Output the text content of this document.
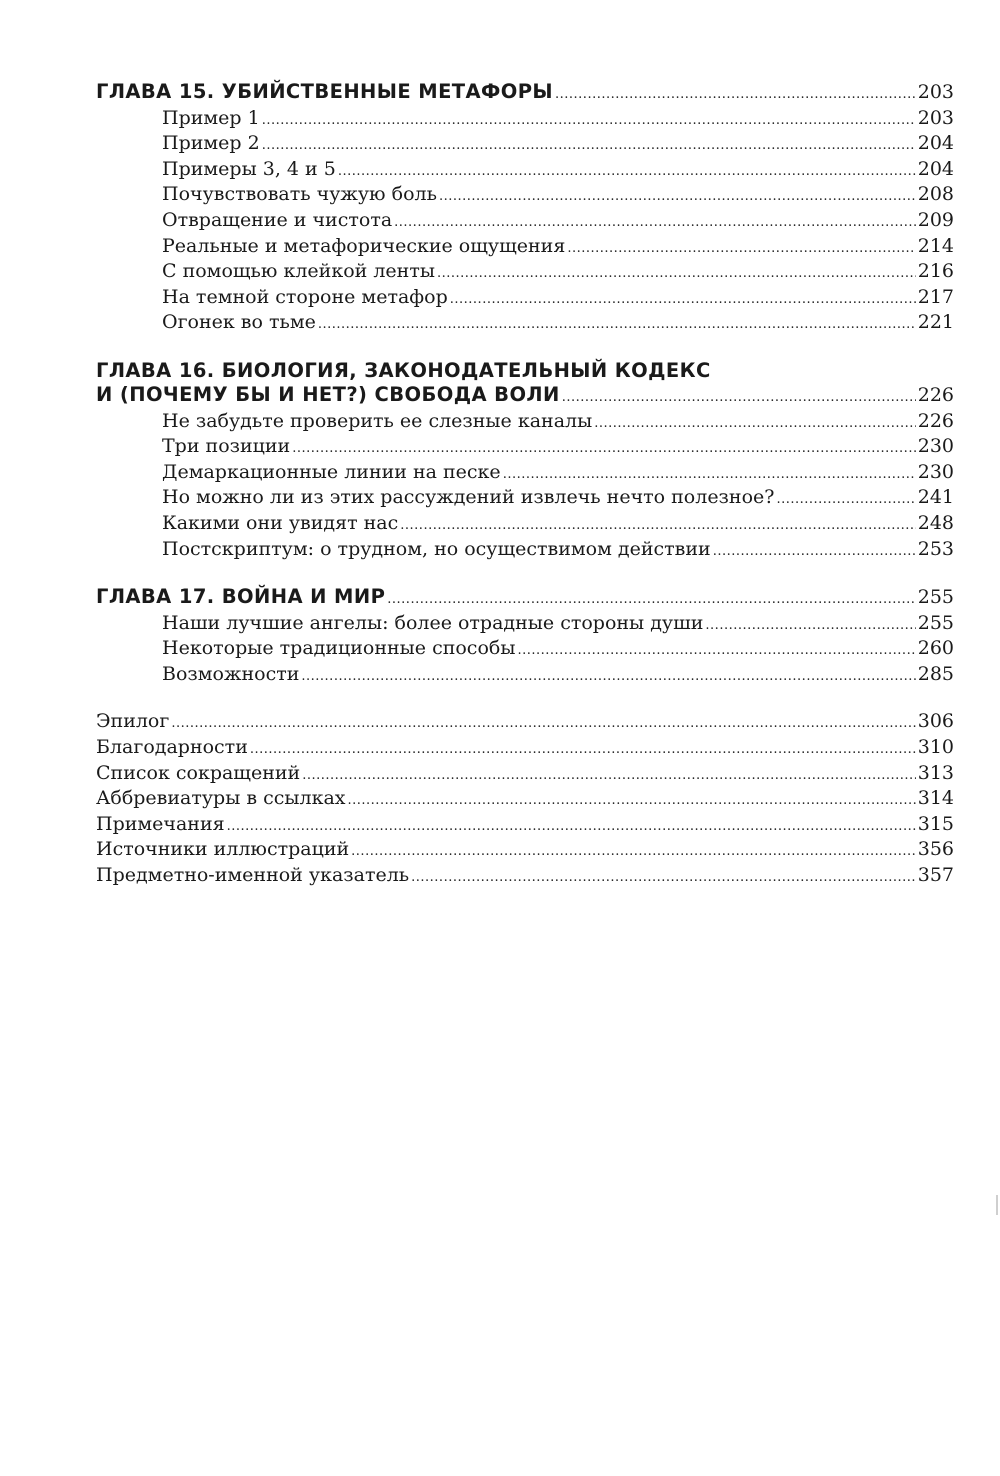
ГЛАВА 15. УБИЙСТВЕННЫЕ МЕТАФОРЫ .....	203
Пример 1 .....	203
Пример 2 .....	204
Примеры 3, 4 и 5 .....	204
Почувствовать чужую боль .....	208
Отвращение и чистота .....	209
Реальные и метафорические ощущения .....	214
С помощью клейкой ленты .....	216
На темной стороне метафор .....	217
Огонек во тьме .....	221
ГЛАВА 16. БИОЛОГИЯ, ЗАКОНОДАТЕЛЬНЫЙ КОДЕКС
И (ПОЧЕМУ БЫ И НЕТ?) СВОБОДА ВОЛИ .....	226
Не забудьте проверить ее слезные каналы .....	226
Три позиции .....	230
Демаркационные линии на песке .....	230
Но можно ли из этих рассуждений извлечь нечто полезное? .....	241
Какими они увидят нас .....	248
Постскриптум: о трудном, но осуществимом действии .....	253
ГЛАВА 17. ВОЙНА И МИР .....	255
Наши лучшие ангелы: более отрадные стороны души .....	255
Некоторые традиционные способы .....	260
Возможности .....	285
Эпилог .....	306
Благодарности .....	310
Список сокращений .....	313
Аббревиатуры в ссылках .....	314
Примечания .....	315
Источники иллюстраций .....	356
Предметно-именной указатель .....	357
